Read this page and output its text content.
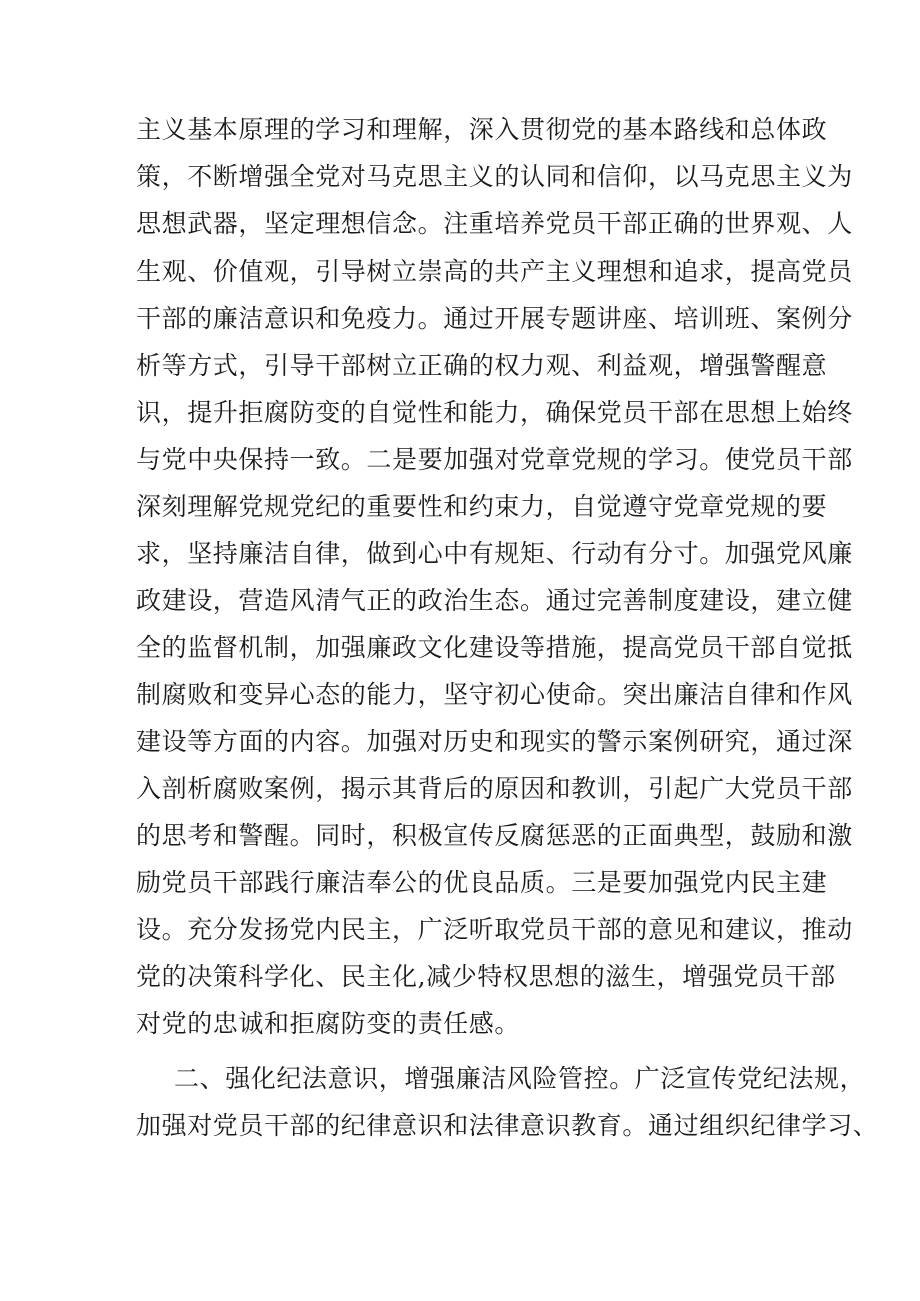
主义基本原理的学习和理解，深入贯彻党的基本路线和总体政
策，不断增强全党对马克思主义的认同和信仰，以马克思主义为
思想武器，坚定理想信念。注重培养党员干部正确的世界观、人
生观、价值观，引导树立崇高的共产主义理想和追求，提高党员
干部的廉洁意识和免疫力。通过开展专题讲座、培训班、案例分
析等方式，引导干部树立正确的权力观、利益观，增强警醒意
识，提升拒腐防变的自觉性和能力，确保党员干部在思想上始终
与党中央保持一致。二是要加强对党章党规的学习。使党员干部
深刻理解党规党纪的重要性和约束力，自觉遵守党章党规的要
求，坚持廉洁自律，做到心中有规矩、行动有分寸。加强党风廉
政建设，营造风清气正的政治生态。通过完善制度建设，建立健
全的监督机制，加强廉政文化建设等措施，提高党员干部自觉抵
制腐败和变异心态的能力，坚守初心使命。突出廉洁自律和作风
建设等方面的内容。加强对历史和现实的警示案例研究，通过深
入剖析腐败案例，揭示其背后的原因和教训，引起广大党员干部
的思考和警醒。同时，积极宣传反腐惩恶的正面典型，鼓励和激
励党员干部践行廉洁奉公的优良品质。三是要加强党内民主建
设。充分发扬党内民主，广泛听取党员干部的意见和建议，推动
党的决策科学化、民主化,减少特权思想的滋生，增强党员干部
对党的忠诚和拒腐防变的责任感。
二、强化纪法意识，增强廉洁风险管控。广泛宣传党纪法规，
加强对党员干部的纪律意识和法律意识教育。通过组织纪律学习、
